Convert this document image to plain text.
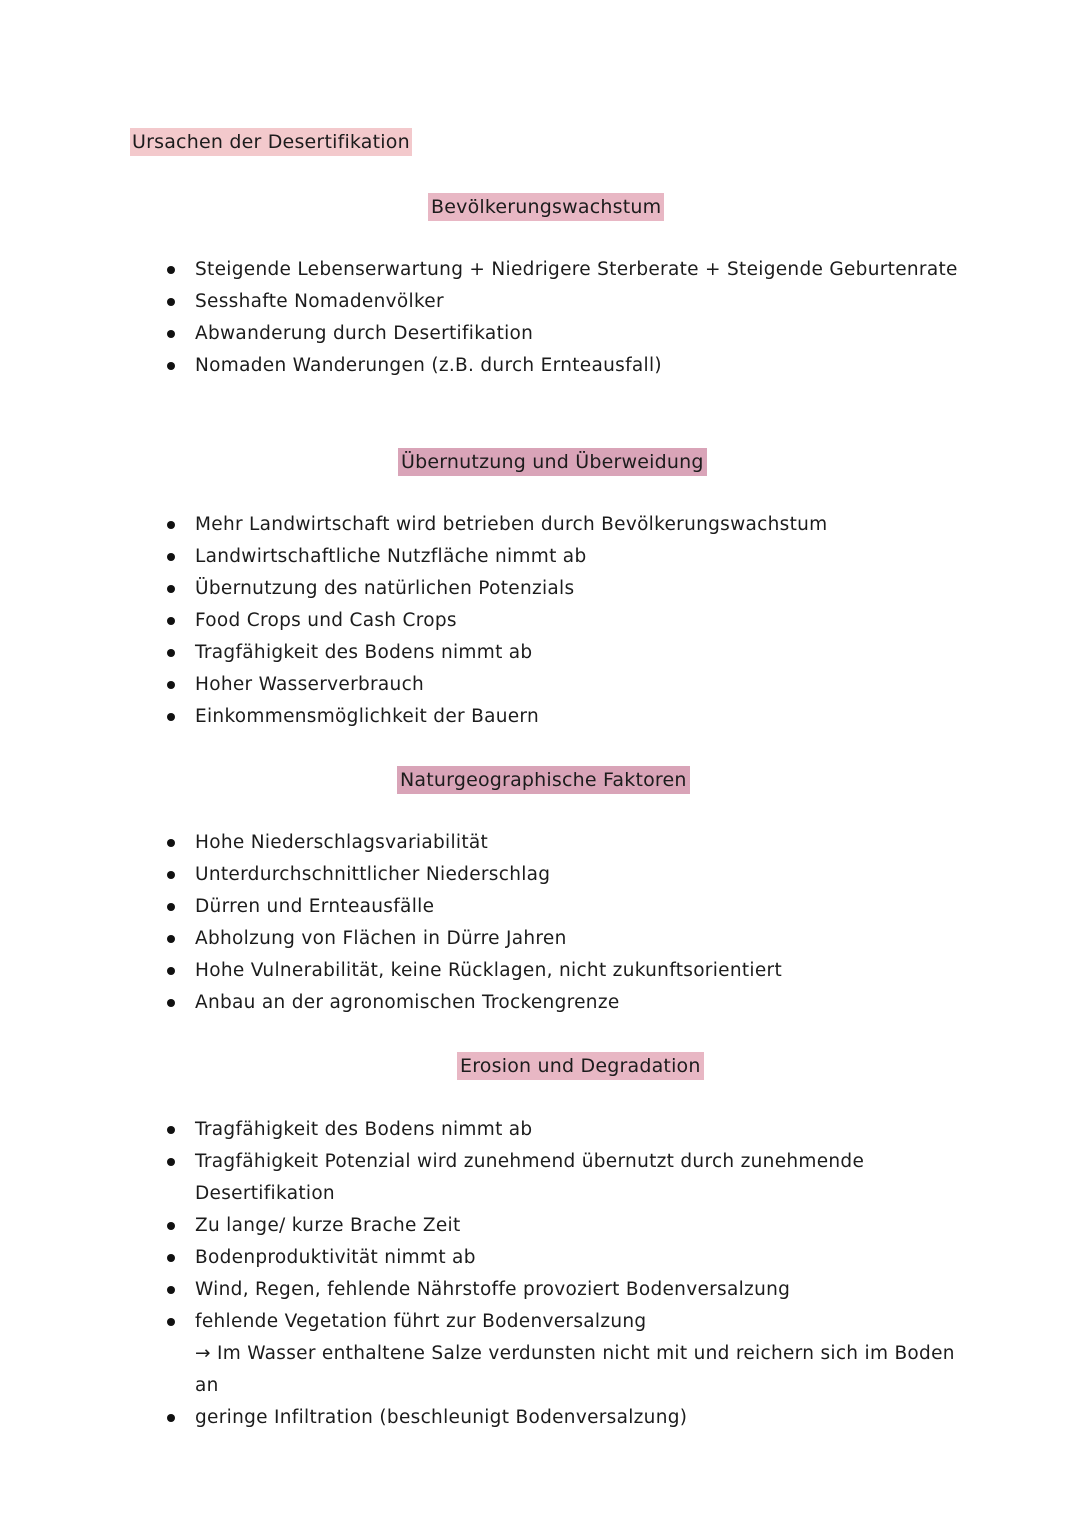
Ursachen der Desertifikation
Bevölkerungswachstum
Steigende Lebenserwartung + Niedrigere Sterberate + Steigende Geburtenrate
Sesshafte Nomadenvölker
Abwanderung durch Desertifikation
Nomaden Wanderungen (z.B. durch Ernteausfall)
Übernutzung und Überweidung
Mehr Landwirtschaft wird betrieben durch Bevölkerungswachstum
Landwirtschaftliche Nutzfläche nimmt ab
Übernutzung des natürlichen Potenzials
Food Crops und Cash Crops
Tragfähigkeit des Bodens nimmt ab
Hoher Wasserverbrauch
Einkommensmöglichkeit der Bauern
Naturgeographische Faktoren
Hohe Niederschlagsvariabilität
Unterdurchschnittlicher Niederschlag
Dürren und Ernteausfälle
Abholzung von Flächen in Dürre Jahren
Hohe Vulnerabilität, keine Rücklagen, nicht zukunftsorientiert
Anbau an der agronomischen Trockengrenze
Erosion und Degradation
Tragfähigkeit des Bodens nimmt ab
Tragfähigkeit Potenzial wird zunehmend übernutzt durch zunehmende
Desertifikation
Zu lange/ kurze Brache Zeit
Bodenproduktivität nimmt ab
Wind, Regen, fehlende Nährstoffe provoziert Bodenversalzung
fehlende Vegetation führt zur Bodenversalzung
→ Im Wasser enthaltene Salze verdunsten nicht mit und reichern sich im Boden
an
geringe Infiltration (beschleunigt Bodenversalzung)
